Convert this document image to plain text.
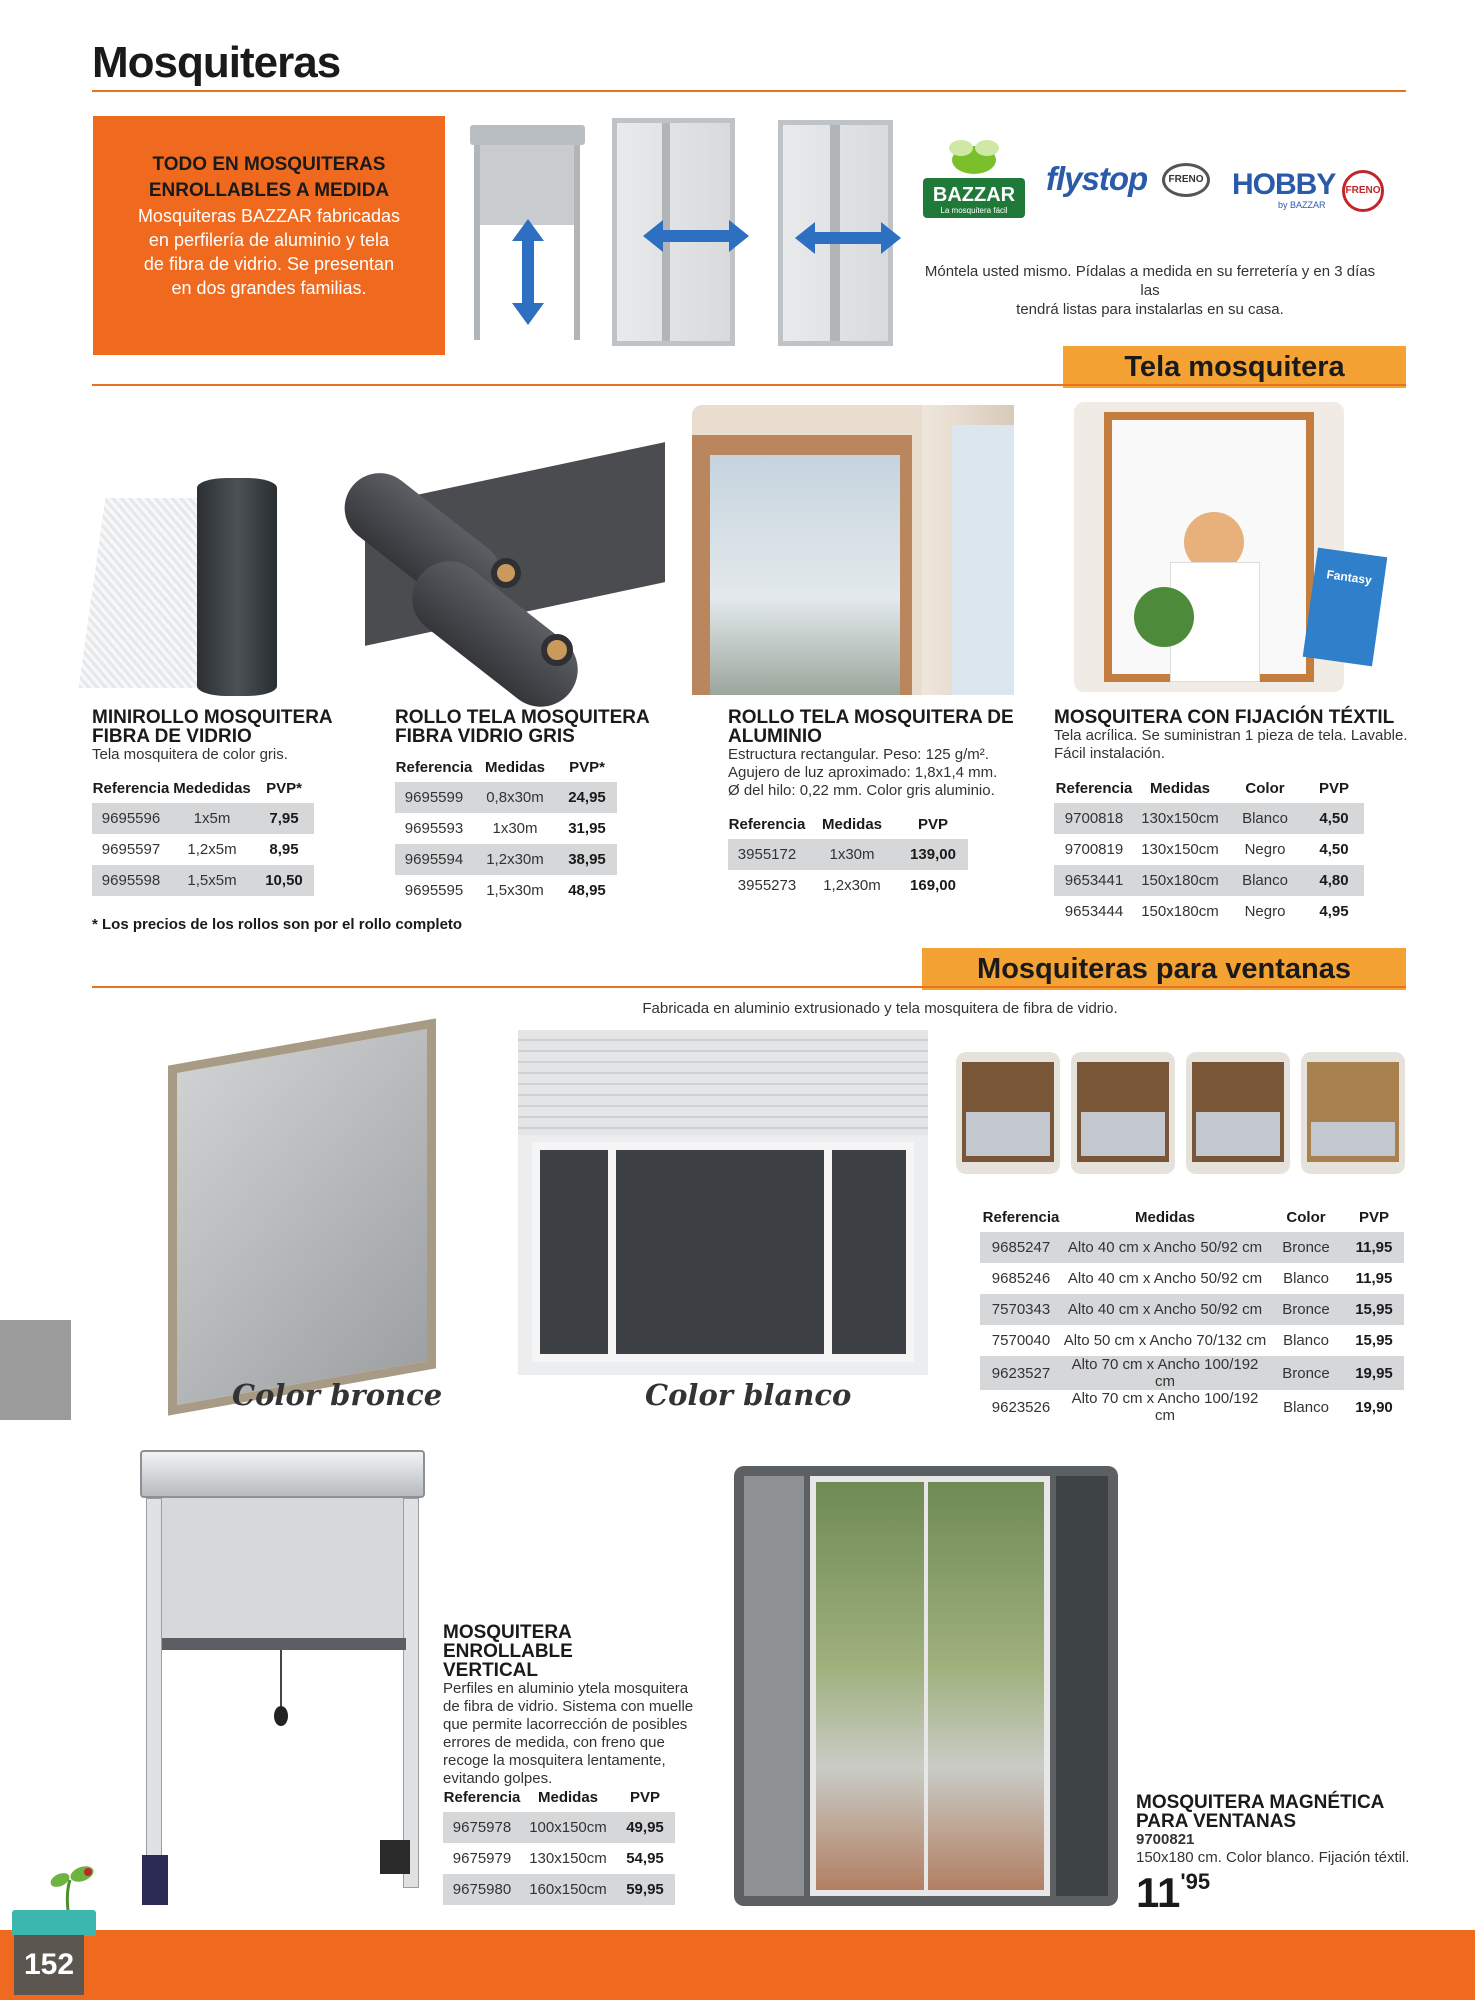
Mosquiteras
TODO EN MOSQUITERAS
ENROLLABLES A MEDIDA
Mosquiteras BAZZAR fabricadas
en perfilería de aluminio y tela
de fibra de vidrio. Se presentan
en dos grandes familias.
BAZZAR
La mosquitera fácil
flystop	FRENO HOBBY
by BAZZAR
FRENO
Móntela usted mismo. Pídalas a medida en su ferretería y en 3 días las
tendrá listas para instalarlas en su casa.
Tela mosquitera
Fantasy
MINIROLLO MOSQUITERA
FIBRA DE VIDRIO
Tela mosquitera de color gris.
Referencia	Mededidas	PVP*
9695596	1x5m	7,95
9695597	1,2x5m	8,95
9695598	1,5x5m	10,50
* Los precios de los rollos son por el rollo completo
ROLLO TELA MOSQUITERA
FIBRA VIDRIO GRIS
Referencia	Medidas	PVP*
9695599	0,8x30m	24,95
9695593	1x30m	31,95
9695594	1,2x30m	38,95
9695595	1,5x30m	48,95
ROLLO TELA MOSQUITERA DE
ALUMINIO
Estructura rectangular. Peso: 125 g/m².
Agujero de luz aproximado: 1,8x1,4 mm.
Ø del hilo: 0,22 mm. Color gris aluminio.
Referencia	Medidas	PVP
3955172	1x30m	139,00
3955273	1,2x30m	169,00
MOSQUITERA CON FIJACIÓN TÉXTIL
Tela acrílica. Se suministran 1 pieza de tela. Lavable.
Fácil instalación.
Referencia	Medidas	Color	PVP
9700818	130x150cm	Blanco	4,50
9700819	130x150cm	Negro	4,50
9653441	150x180cm	Blanco	4,80
9653444	150x180cm	Negro	4,95
Mosquiteras para ventanas
Fabricada en aluminio extrusionado y tela mosquitera de fibra de vidrio.
Color bronce	Color blanco
Referencia	Medidas	Color	PVP
9685247	Alto 40 cm x Ancho 50/92 cm	Bronce	11,95
9685246	Alto 40 cm x Ancho 50/92 cm	Blanco	11,95
7570343	Alto 40 cm x Ancho 50/92 cm	Bronce	15,95
7570040	Alto 50 cm x Ancho 70/132 cm	Blanco	15,95
9623527	Alto 70 cm x Ancho 100/192 cm	Bronce	19,95
9623526	Alto 70 cm x Ancho 100/192 cm	Blanco	19,90
MOSQUITERA ENROLLABLE
VERTICAL
Perfiles en aluminio ytela mosquitera
de fibra de vidrio. Sistema con muelle
que permite lacorrección de posibles
errores de medida, con freno que
recoge la mosquitera lentamente,
evitando golpes.
Referencia	Medidas	PVP
9675978	100x150cm	49,95
9675979	130x150cm	54,95
9675980	160x150cm	59,95
MOSQUITERA MAGNÉTICA
PARA VENTANAS
9700821
150x180 cm. Color blanco. Fijación téxtil.
11'95
152
